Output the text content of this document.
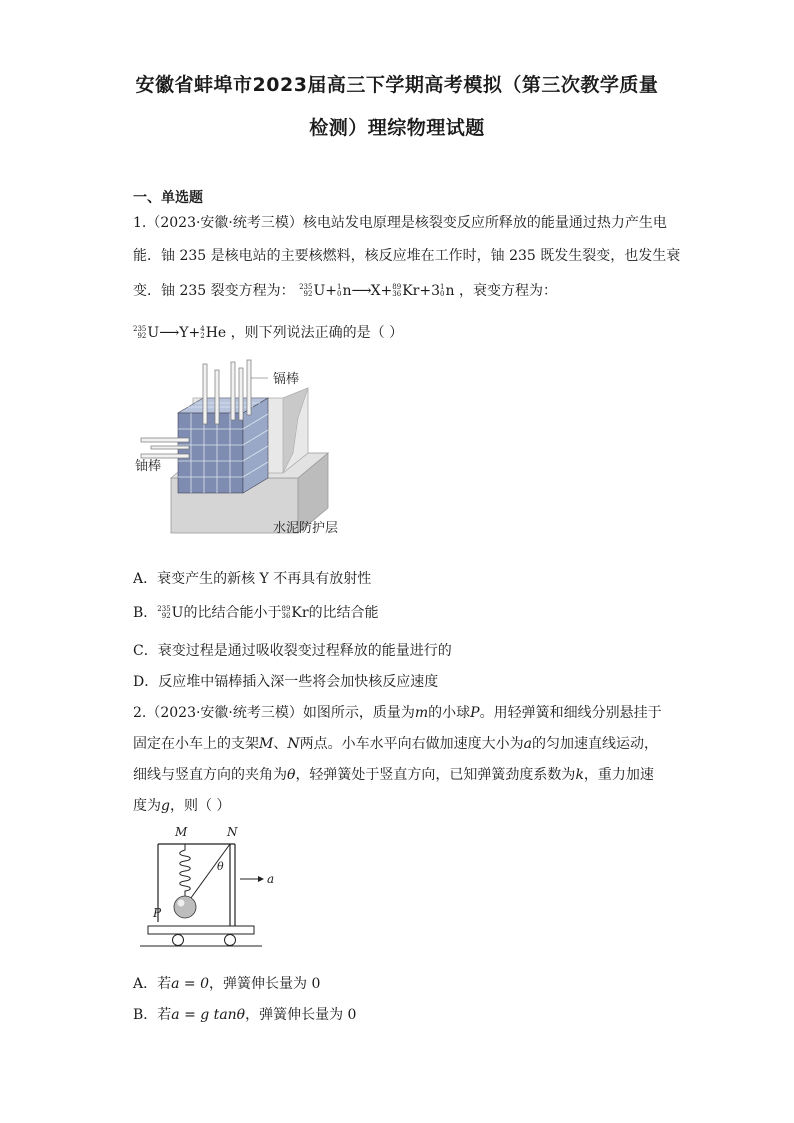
安徽省蚌埠市2023届高三下学期高考模拟（第三次教学质量
检测）理综物理试题
一、单选题
1.（2023·安徽·统考三模）核电站发电原理是核裂变反应所释放的能量通过热力产生电
能．铀 235 是核电站的主要核燃料，核反应堆在工作时，铀 235 既发生裂变，也发生衰
变．铀 235 裂变方程为： 235
92 U+ 1
0 n⟶X+ 89
36 Kr+3 1
0 n ，衰变方程为：
235
92 U⟶Y+ 4
2 He ，则下列说法正确的是（ ）
镉棒
铀棒
水泥防护层
A．衰变产生的新核 Y 不再具有放射性
B． 235
92 U的比结合能小于 89
36 Kr的比结合能
C．衰变过程是通过吸收裂变过程释放的能量进行的
D．反应堆中镉棒插入深一些将会加快核反应速度
2.（2023·安徽·统考三模）如图所示，质量为m的小球P。用轻弹簧和细线分别悬挂于
固定在小车上的支架M、N两点。小车水平向右做加速度大小为a的匀加速直线运动，
细线与竖直方向的夹角为θ，轻弹簧处于竖直方向，已知弹簧劲度系数为k，重力加速
度为g，则（ ）
M	N
θ
P
a
A．若a = 0，弹簧伸长量为 0
B．若a = g tanθ，弹簧伸长量为 0
